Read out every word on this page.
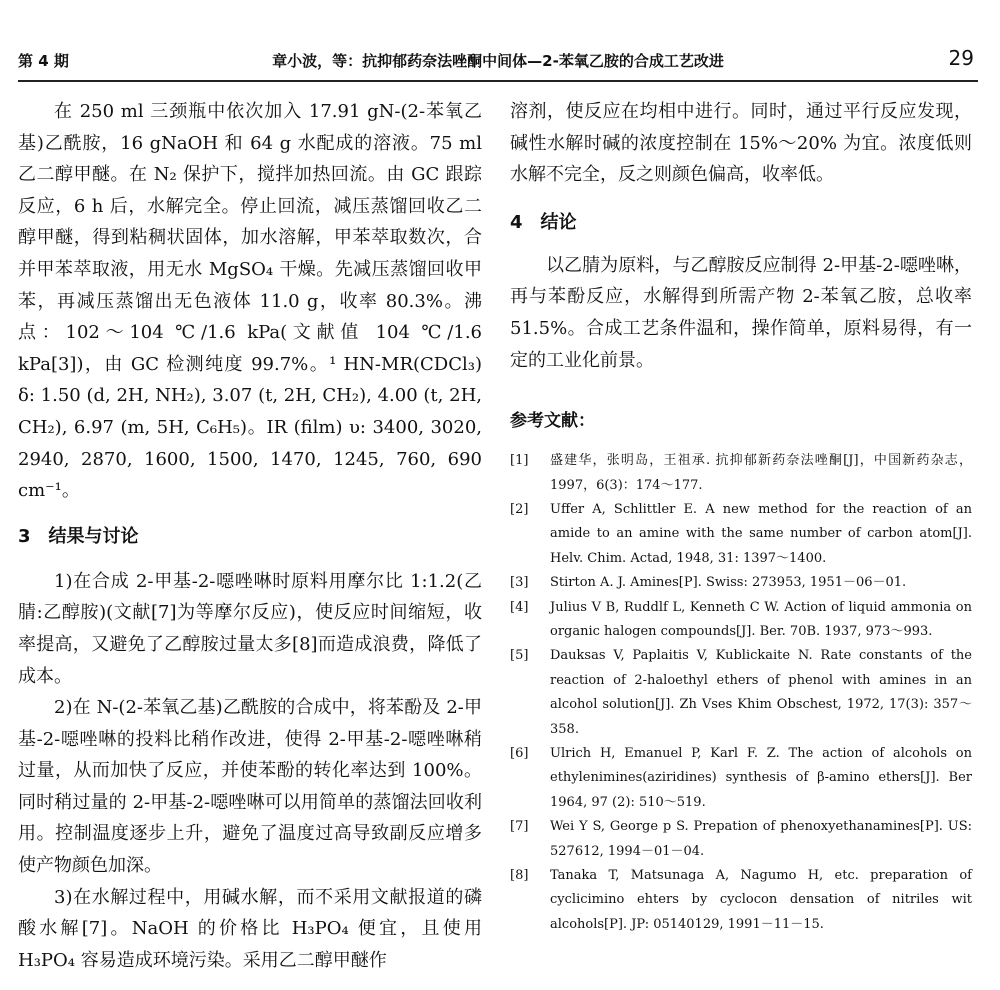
第 4 期	章小波，等：抗抑郁药奈法唑酮中间体—2-苯氧乙胺的合成工艺改进	29

在 250 ml 三颈瓶中依次加入 17.91 gN-(2-苯氧乙基)乙酰胺，16 gNaOH 和 64 g 水配成的溶液。75 ml 乙二醇甲醚。在 N₂ 保护下，搅拌加热回流。由 GC 跟踪反应，6 h 后，水解完全。停止回流，减压蒸馏回收乙二醇甲醚，得到粘稠状固体，加水溶解，甲苯萃取数次，合并甲苯萃取液，用无水 MgSO₄ 干燥。先减压蒸馏回收甲苯，再减压蒸馏出无色液体 11.0 g，收率 80.3%。沸点：102～104 ℃/1.6 kPa(文献值 104 ℃/1.6 kPa[3])，由 GC 检测纯度 99.7%。¹ HN-MR(CDCl₃) δ: 1.50 (d, 2H, NH₂), 3.07 (t, 2H, CH₂), 4.00 (t, 2H, CH₂), 6.97 (m, 5H, C₆H₅)。IR (film) υ: 3400, 3020, 2940, 2870, 1600, 1500, 1470, 1245, 760, 690 cm⁻¹。

3　结果与讨论

1)在合成 2-甲基-2-噁唑啉时原料用摩尔比 1:1.2(乙腈:乙醇胺)(文献[7]为等摩尔反应)，使反应时间缩短，收率提高，又避免了乙醇胺过量太多[8]而造成浪费，降低了成本。

2)在 N-(2-苯氧乙基)乙酰胺的合成中，将苯酚及 2-甲基-2-噁唑啉的投料比稍作改进，使得 2-甲基-2-噁唑啉稍过量，从而加快了反应，并使苯酚的转化率达到 100%。同时稍过量的 2-甲基-2-噁唑啉可以用简单的蒸馏法回收利用。控制温度逐步上升，避免了温度过高导致副反应增多使产物颜色加深。

3)在水解过程中，用碱水解，而不采用文献报道的磷酸水解[7]。NaOH 的价格比 H₃PO₄ 便宜，且使用 H₃PO₄ 容易造成环境污染。采用乙二醇甲醚作

溶剂，使反应在均相中进行。同时，通过平行反应发现，碱性水解时碱的浓度控制在 15%～20% 为宜。浓度低则水解不完全，反之则颜色偏高，收率低。

4　结论

以乙腈为原料，与乙醇胺反应制得 2-甲基-2-噁唑啉，再与苯酚反应，水解得到所需产物 2-苯氧乙胺，总收率 51.5%。合成工艺条件温和，操作简单，原料易得，有一定的工业化前景。

参考文献：

[1] 盛建华，张明岛，王祖承. 抗抑郁新药奈法唑酮[J]，中国新药杂志，1997，6(3)：174～177.
[2] Uffer A, Schlittler E. A new method for the reaction of an amide to an amine with the same number of carbon atom[J]. Helv. Chim. Actad, 1948, 31: 1397～1400.
[3] Stirton A. J. Amines[P]. Swiss: 273953, 1951－06－01.
[4] Julius V B, Ruddlf L, Kenneth C W. Action of liquid ammonia on organic halogen compounds[J]. Ber. 70B. 1937, 973～993.
[5] Dauksas V, Paplaitis V, Kublickaite N. Rate constants of the reaction of 2-haloethyl ethers of phenol with amines in an alcohol solution[J]. Zh Vses Khim Obschest, 1972, 17(3): 357～358.
[6] Ulrich H, Emanuel P, Karl F. Z. The action of alcohols on ethylenimines(aziridines) synthesis of β-amino ethers[J]. Ber 1964, 97 (2): 510～519.
[7] Wei Y S, George p S. Prepation of phenoxyethanamines[P]. US: 527612, 1994－01－04.
[8] Tanaka T, Matsunaga A, Nagumo H, etc. preparation of cyclicimino ehters by cyclocon densation of nitriles wit alcohols[P]. JP: 05140129, 1991－11－15.
